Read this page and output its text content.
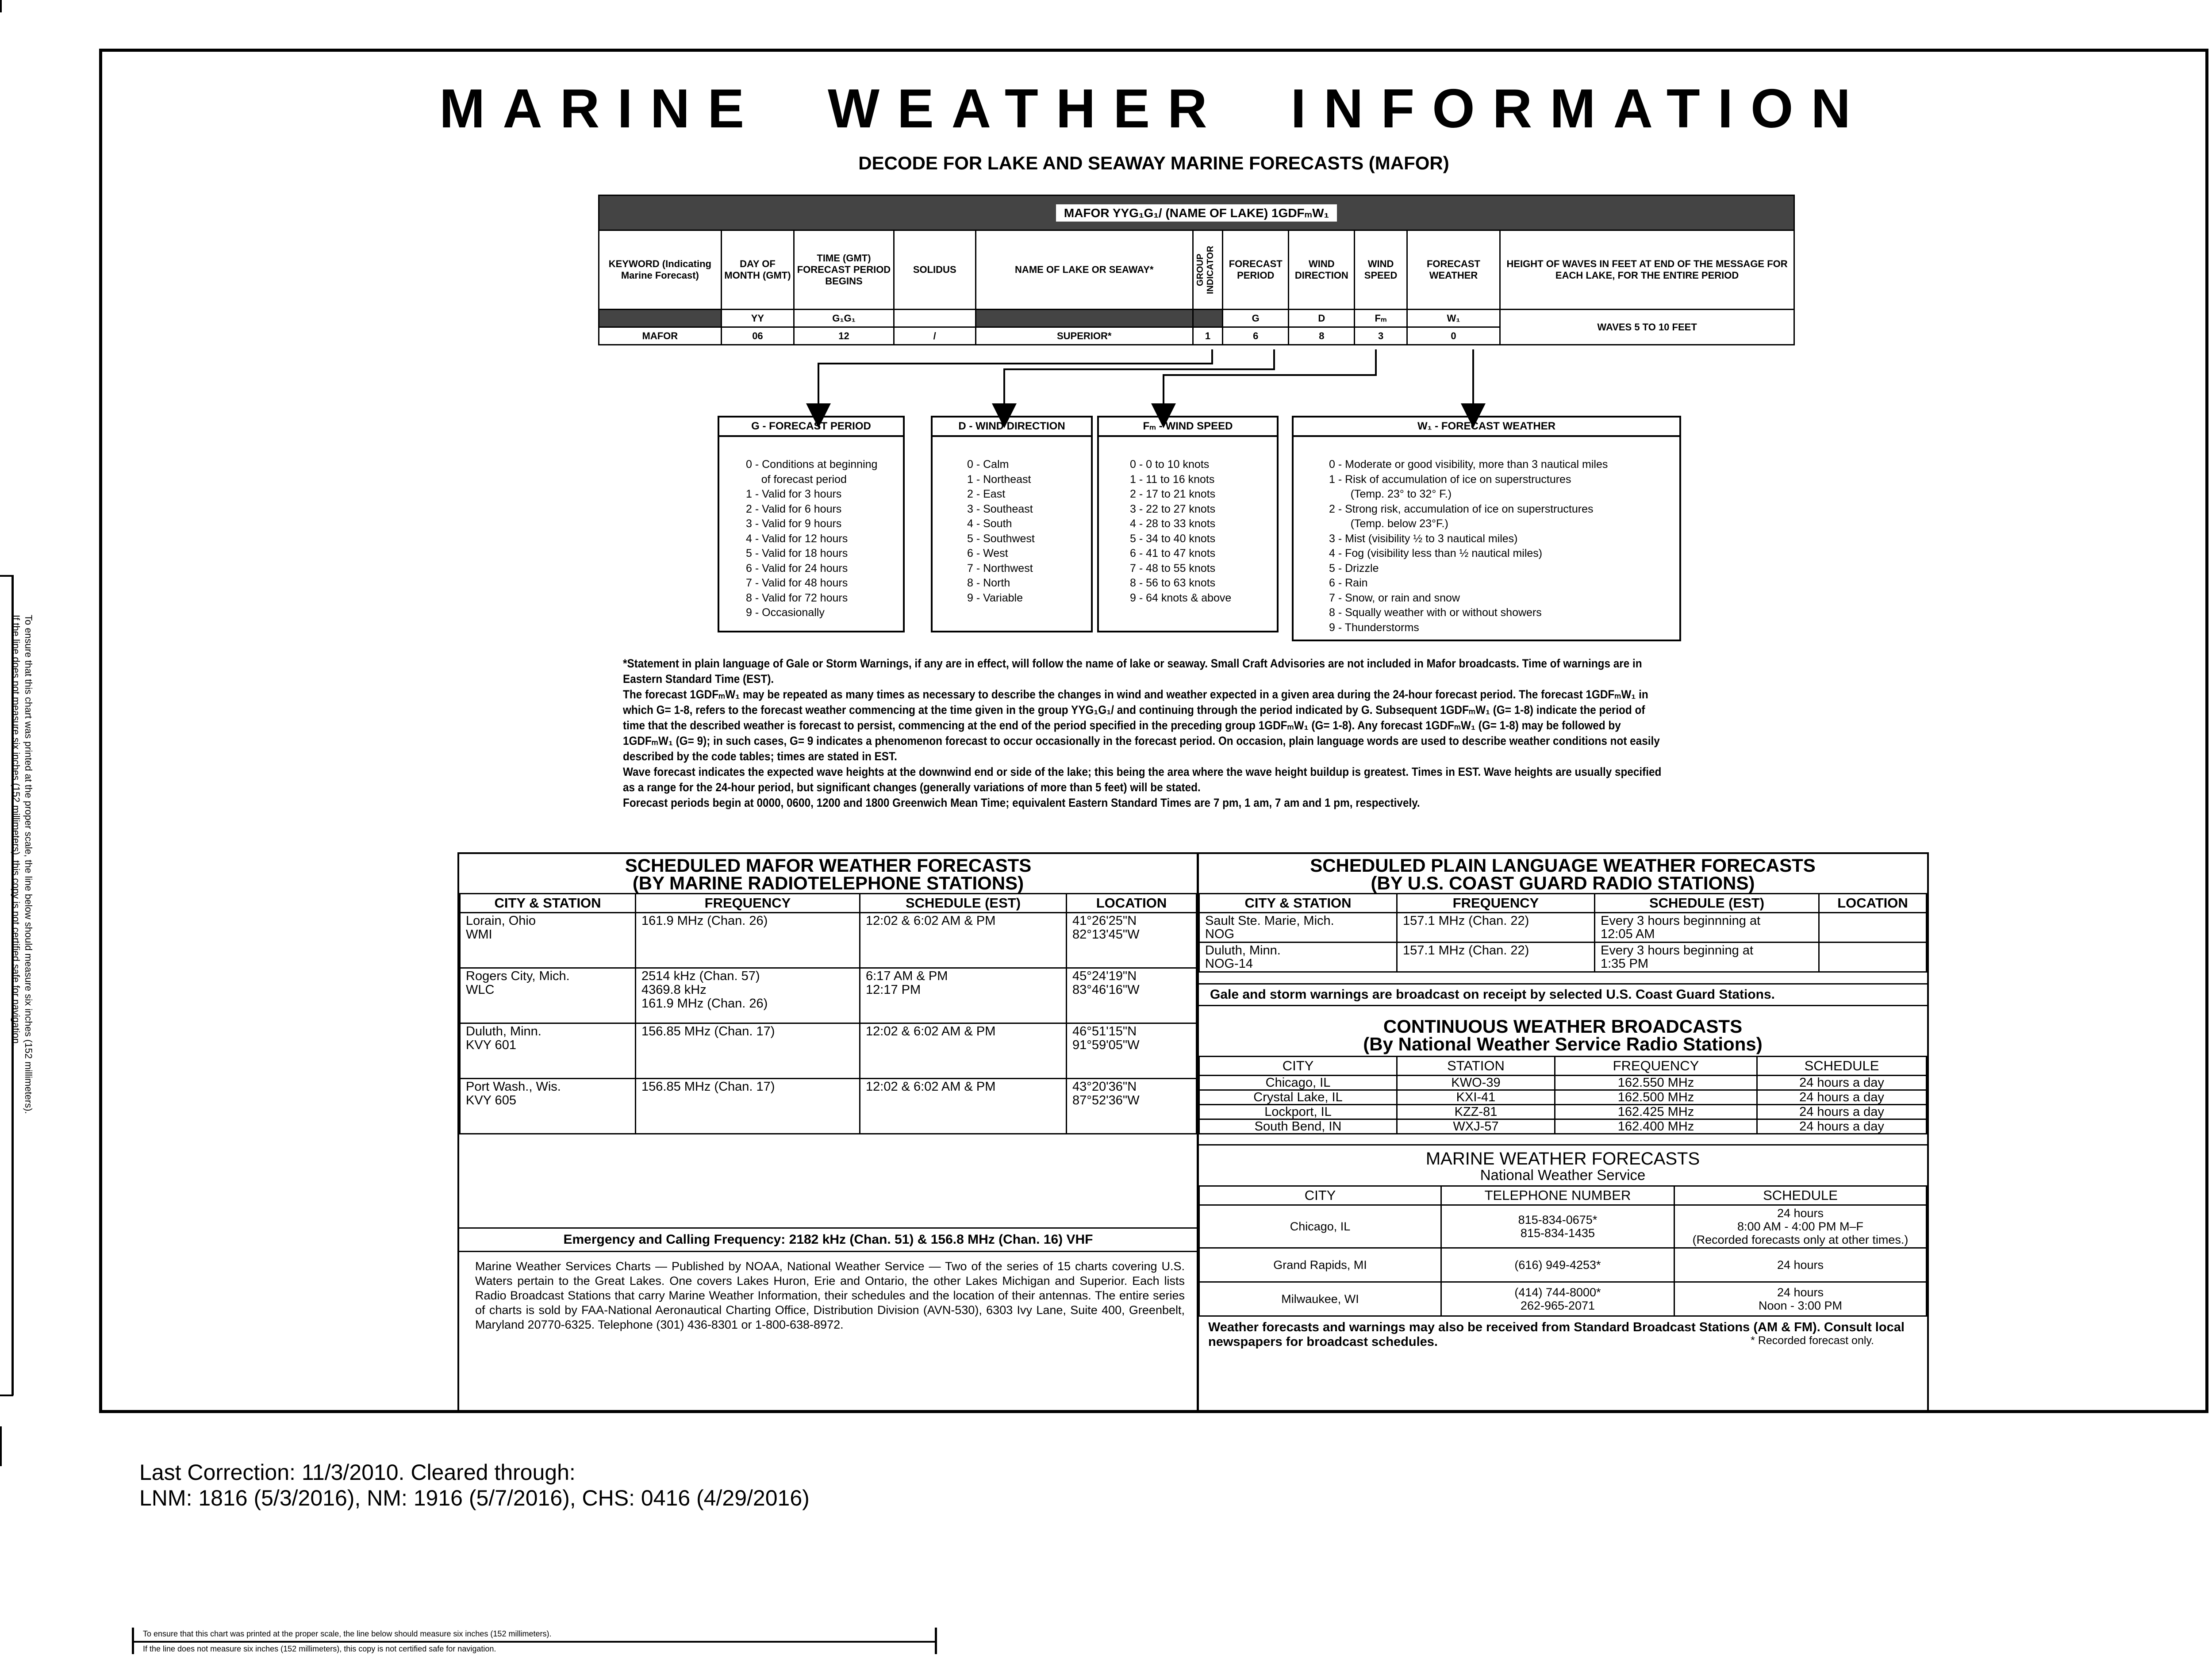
To ensure that this chart was printed at the proper scale, the line below should measure six inches (152 millimeters).
If the line does not measure six inches (152 millimeters), this copy is not certified safe for navigation.
MARINE  WEATHER  INFORMATION
DECODE FOR LAKE AND SEAWAY MARINE FORECASTS (MAFOR)
MAFOR YYG₁G₁/ (NAME OF LAKE) 1GDFₘW₁										
KEYWORD (Indicating Marine Forecast)	DAY OF MONTH (GMT)	TIME (GMT) FORECAST PERIOD BEGINS	SOLIDUS	NAME OF LAKE OR SEAWAY*	GROUP INDICATOR	FORECAST PERIOD	WIND DIRECTION	WIND SPEED	FORECAST WEATHER	HEIGHT OF WAVES IN FEET AT END OF THE MESSAGE FOR EACH LAKE, FOR THE ENTIRE PERIOD
	YY	G₁G₁				G	D	Fₘ	W₁	WAVES 5 TO 10 FEET
MAFOR	06	12	/	SUPERIOR*	1	6	8	3	0	
G - FORECAST PERIOD
0 - Conditions at beginning
of forecast period
1 - Valid for 3 hours
2 - Valid for 6 hours
3 - Valid for 9 hours
4 - Valid for 12 hours
5 - Valid for 18 hours
6 - Valid for 24 hours
7 - Valid for 48 hours
8 - Valid for 72 hours
9 - Occasionally
D - WIND DIRECTION
0 - Calm
1 - Northeast
2 - East
3 - Southeast
4 - South
5 - Southwest
6 - West
7 - Northwest
8 - North
9 - Variable
Fₘ - WIND SPEED
0 - 0 to 10 knots
1 - 11 to 16 knots
2 - 17 to 21 knots
3 - 22 to 27 knots
4 - 28 to 33 knots
5 - 34 to 40 knots
6 - 41 to 47 knots
7 - 48 to 55 knots
8 - 56 to 63 knots
9 - 64 knots & above
W₁ - FORECAST WEATHER
0 - Moderate or good visibility, more than 3 nautical miles
1 - Risk of accumulation of ice on superstructures
(Temp. 23° to 32° F.)
2 - Strong risk, accumulation of ice on superstructures
(Temp. below 23°F.)
3 - Mist (visibility ½ to 3 nautical miles)
4 - Fog (visibility less than ½ nautical miles)
5 - Drizzle
6 - Rain
7 - Snow, or rain and snow
8 - Squally weather with or without showers
9 - Thunderstorms

*Statement in plain language of Gale or Storm Warnings, if any are in effect, will follow the name of lake or seaway. Small Craft Advisories are not included in Mafor broadcasts. Time of warnings are in Eastern Standard Time (EST).

The forecast 1GDFₘW₁ may be repeated as many times as necessary to describe the changes in wind and weather expected in a given area during the 24-hour forecast period. The forecast 1GDFₘW₁ in which G= 1-8, refers to the forecast weather commencing at the time given in the group YYG₁G₁/ and continuing through the period indicated by G. Subsequent 1GDFₘW₁ (G= 1-8) indicate the period of time that the described weather is forecast to persist, commencing at the end of the period specified in the preceding group 1GDFₘW₁ (G= 1-8). Any forecast 1GDFₘW₁ (G= 1-8) may be followed by 1GDFₘW₁ (G= 9); in such cases, G= 9 indicates a phenomenon forecast to occur occasionally in the forecast period. On occasion, plain language words are used to describe weather conditions not easily described by the code tables; times are stated in EST.

Wave forecast indicates the expected wave heights at the downwind end or side of the lake; this being the area where the wave height buildup is greatest. Times in EST. Wave heights are usually specified as a range for the 24-hour period, but significant changes (generally variations of more than 5 feet) will be stated.

Forecast periods begin at 0000, 0600, 1200 and 1800 Greenwich Mean Time; equivalent Eastern Standard Times are 7 pm, 1 am, 7 am and 1 pm, respectively.

SCHEDULED MAFOR WEATHER FORECASTS
(BY MARINE RADIOTELEPHONE STATIONS)
CITY & STATION	FREQUENCY	SCHEDULE (EST)	LOCATION
Lorain, Ohio
WMI	161.9 MHz (Chan. 26)	12:02 & 6:02 AM & PM	41°26'25"N
82°13'45"W
Rogers City, Mich.
WLC	2514 kHz (Chan. 57)
4369.8 kHz
161.9 MHz (Chan. 26)	6:17 AM & PM
12:17 PM	45°24'19"N
83°46'16"W
Duluth, Minn.
KVY 601	156.85 MHz (Chan. 17)	12:02 & 6:02 AM & PM	46°51'15"N
91°59'05"W
Port Wash., Wis.
KVY 605	156.85 MHz (Chan. 17)	12:02 & 6:02 AM & PM	43°20'36"N
87°52'36"W
Emergency and Calling Frequency: 2182 kHz (Chan. 51) & 156.8 MHz (Chan. 16) VHF
Marine Weather Services Charts — Published by NOAA, National Weather Service — Two of the series of 15 charts covering U.S. Waters pertain to the Great Lakes. One covers Lakes Huron, Erie and Ontario, the other Lakes Michigan and Superior. Each lists Radio Broadcast Stations that carry Marine Weather Information, their schedules and the location of their antennas. The entire series of charts is sold by FAA-National Aeronautical Charting Office, Distribution Division (AVN-530), 6303 Ivy Lane, Suite 400, Greenbelt, Maryland 20770-6325. Telephone (301) 436-8301 or 1-800-638-8972.
SCHEDULED PLAIN LANGUAGE WEATHER FORECASTS
(BY U.S. COAST GUARD RADIO STATIONS)
CITY & STATION	FREQUENCY	SCHEDULE (EST)	LOCATION
Sault Ste. Marie, Mich.
NOG	157.1 MHz (Chan. 22)	Every 3 hours beginnning at
12:05 AM	
Duluth, Minn.
NOG-14	157.1 MHz (Chan. 22)	Every 3 hours beginning at
1:35 PM	
Gale and storm warnings are broadcast on receipt by selected U.S. Coast Guard Stations.
CONTINUOUS WEATHER BROADCASTS
(By National Weather Service Radio Stations)
CITY	STATION	FREQUENCY	SCHEDULE
Chicago, IL	KWO-39	162.550 MHz	24 hours a day
Crystal Lake, IL	KXI-41	162.500 MHz	24 hours a day
Lockport, IL	KZZ-81	162.425 MHz	24 hours a day
South Bend, IN	WXJ-57	162.400 MHz	24 hours a day
MARINE WEATHER FORECASTS
National Weather Service
CITY	TELEPHONE NUMBER	SCHEDULE
Chicago, IL	815-834-0675*
815-834-1435	24 hours
8:00 AM - 4:00 PM M–F
(Recorded forecasts only at other times.)
Grand Rapids, MI	(616) 949-4253*	24 hours
Milwaukee, WI	(414) 744-8000*
262-965-2071	24 hours
Noon - 3:00 PM
Weather forecasts and warnings may also be received from Standard Broadcast Stations (AM & FM). Consult local newspapers for broadcast schedules.	* Recorded forecast only.
Last Correction: 11/3/2010. Cleared through:
LNM: 1816 (5/3/2016), NM: 1916 (5/7/2016), CHS: 0416 (4/29/2016)
To ensure that this chart was printed at the proper scale, the line below should measure six inches (152 millimeters).
If the line does not measure six inches (152 millimeters), this copy is not certified safe for navigation.
